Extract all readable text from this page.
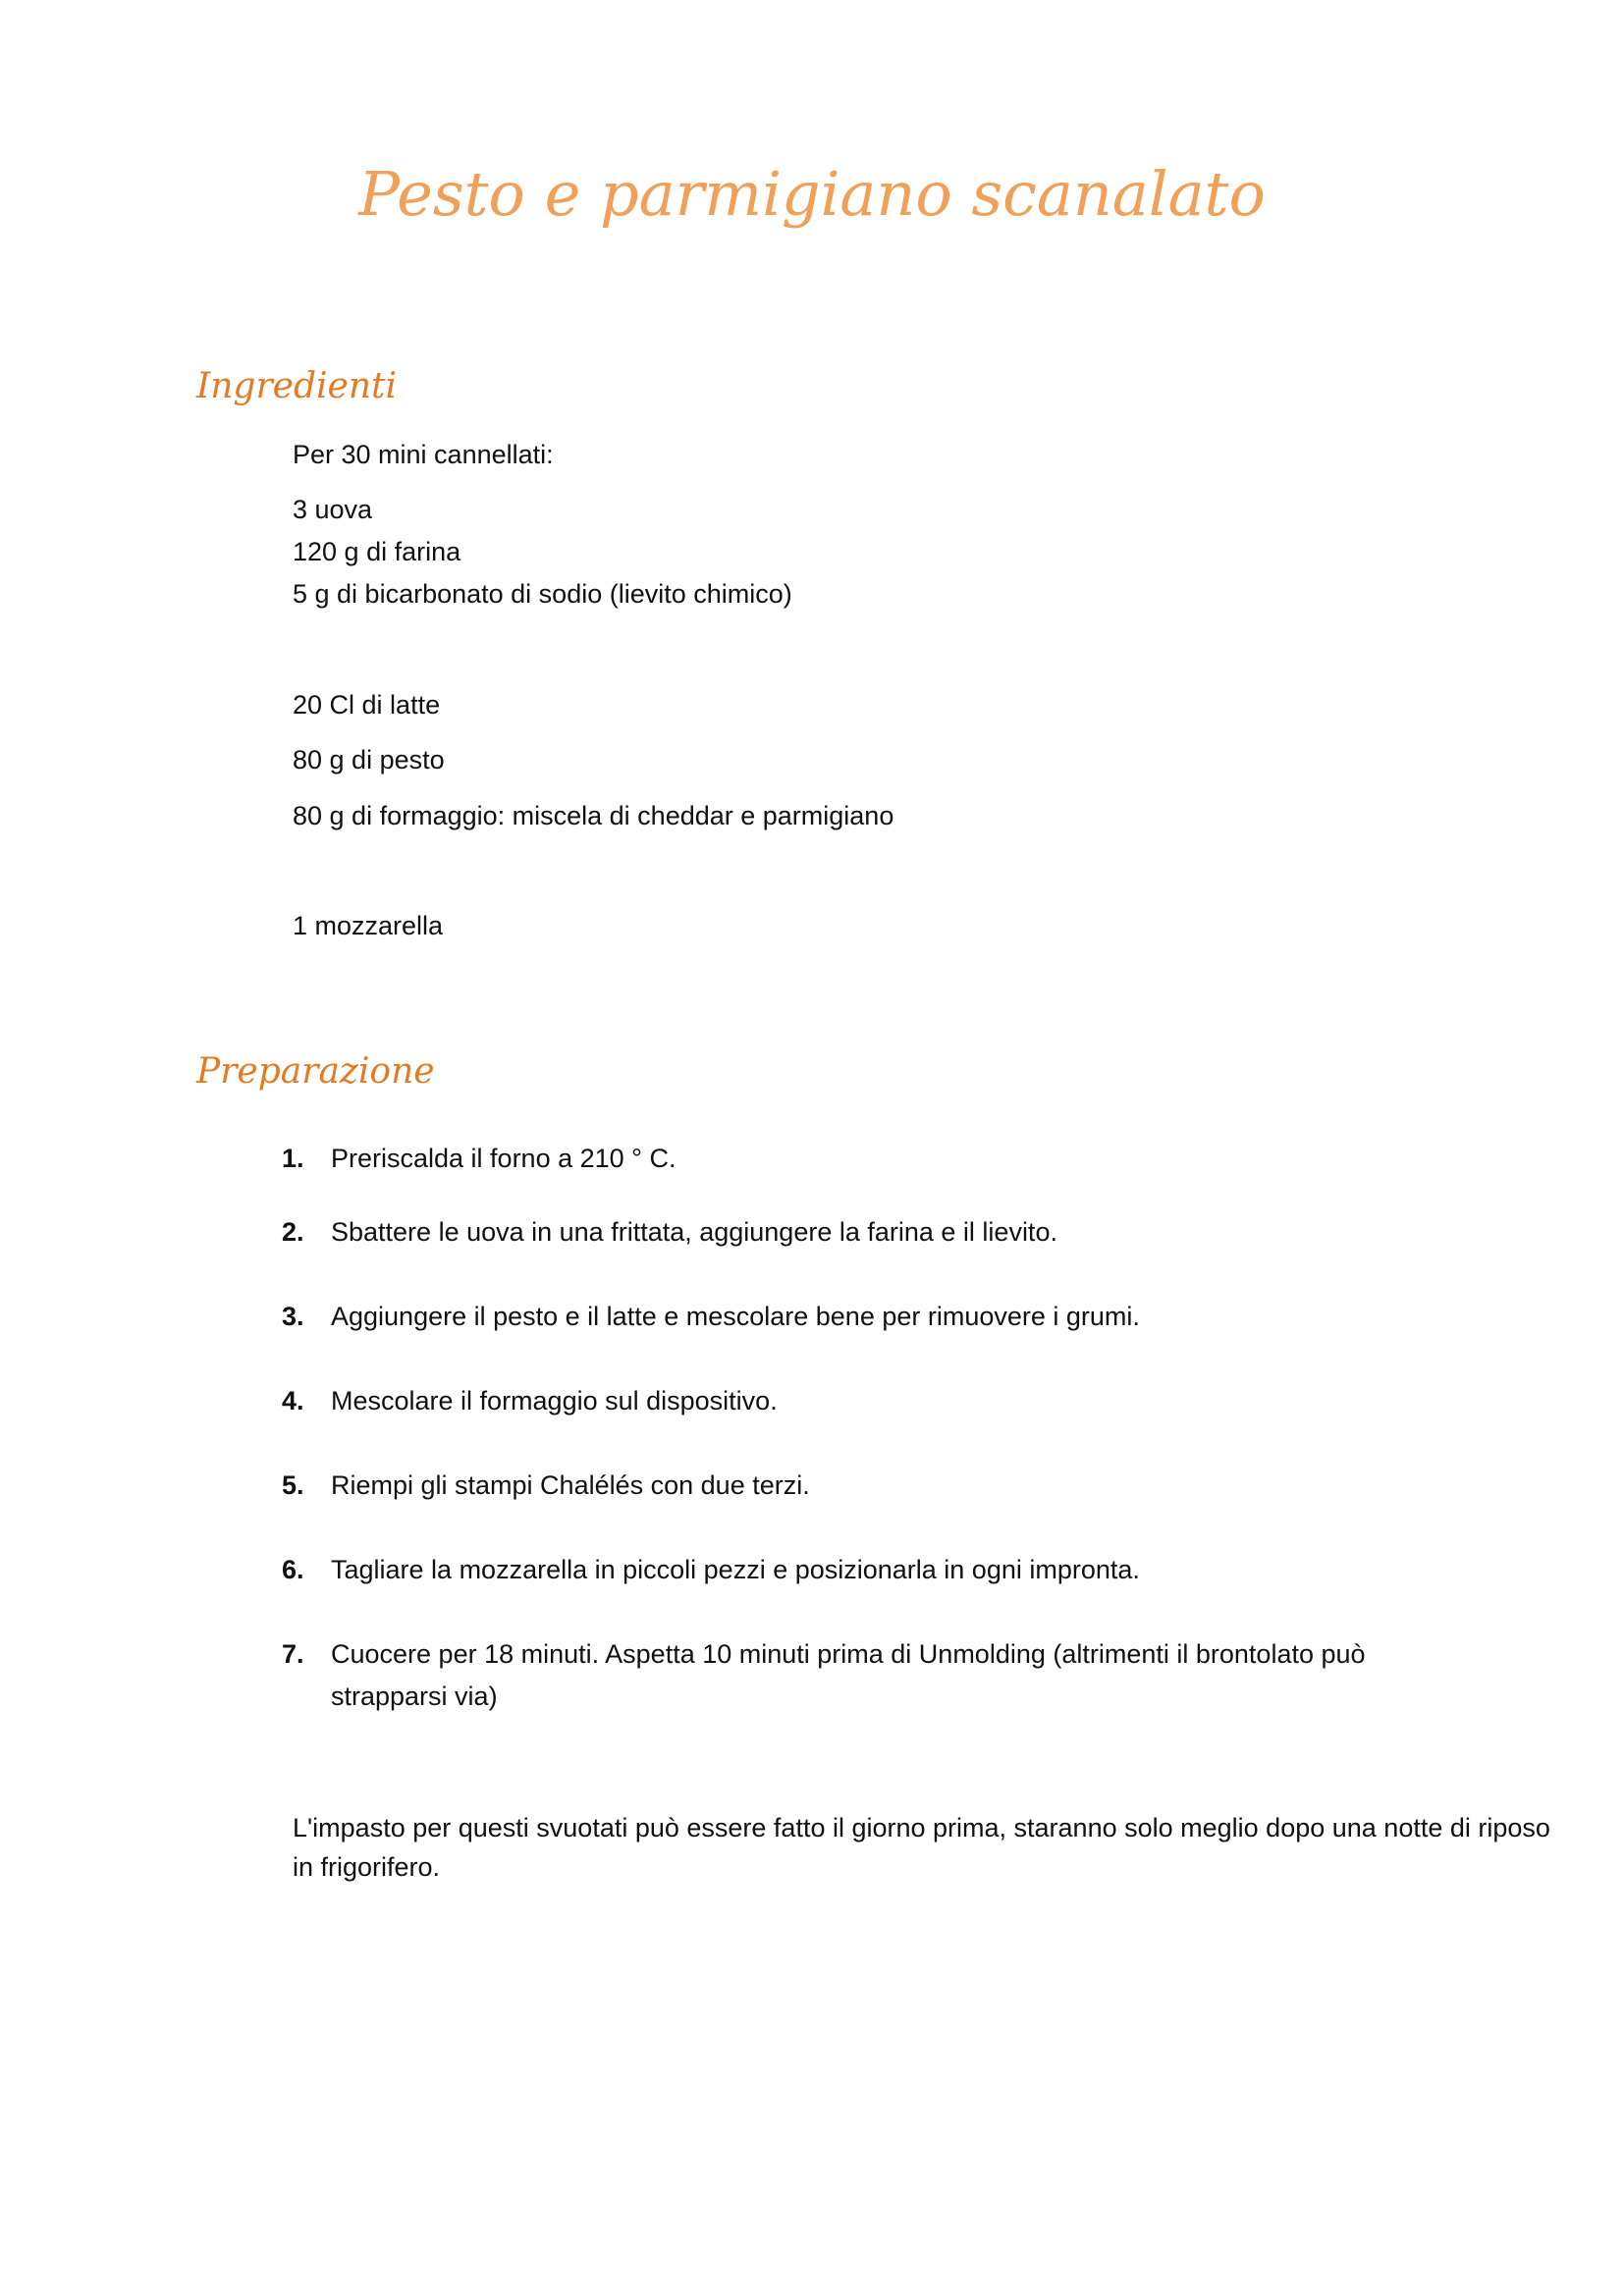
Pesto e parmigiano scanalato
Ingredienti

Per 30 mini cannellati:

3 uova

120 g di farina

5 g di bicarbonato di sodio (lievito chimico)

20 Cl di latte

80 g di pesto

80 g di formaggio: miscela di cheddar e parmigiano

1 mozzarella

Preparazione
1. Preriscalda il forno a 210 ° C.
2. Sbattere le uova in una frittata, aggiungere la farina e il lievito.
3. Aggiungere il pesto e il latte e mescolare bene per rimuovere i grumi.
4. Mescolare il formaggio sul dispositivo.
5. Riempi gli stampi Chalélés con due terzi.
6. Tagliare la mozzarella in piccoli pezzi e posizionarla in ogni impronta.
7. Cuocere per 18 minuti. Aspetta 10 minuti prima di Unmolding (altrimenti il brontolato può strapparsi via)

L'impasto per questi svuotati può essere fatto il giorno prima, staranno solo meglio dopo una notte di riposo in frigorifero.
